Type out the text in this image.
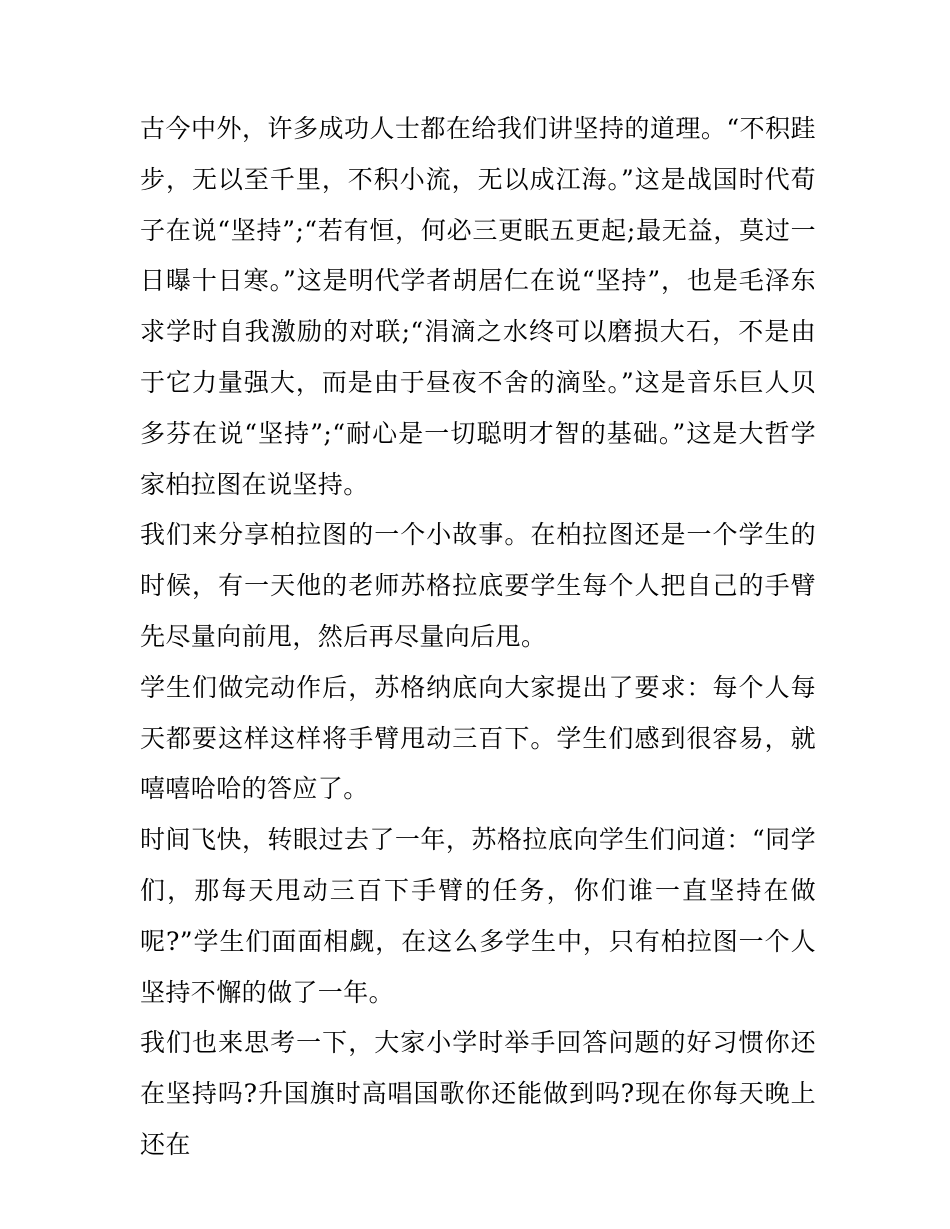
古今中外，许多成功人士都在给我们讲坚持的道理。“不积跬步，无以至千里，不积小流，无以成江海。”这是战国时代荀子在说“坚持”;“若有恒，何必三更眠五更起;最无益，莫过一日曝十日寒。”这是明代学者胡居仁在说“坚持”，也是毛泽东求学时自我激励的对联;“涓滴之水终可以磨损大石，不是由于它力量强大，而是由于昼夜不舍的滴坠。”这是音乐巨人贝多芬在说“坚持”;“耐心是一切聪明才智的基础。”这是大哲学家柏拉图在说坚持。

我们来分享柏拉图的一个小故事。在柏拉图还是一个学生的时候，有一天他的老师苏格拉底要学生每个人把自己的手臂先尽量向前甩，然后再尽量向后甩。

学生们做完动作后，苏格纳底向大家提出了要求：每个人每天都要这样这样将手臂甩动三百下。学生们感到很容易，就嘻嘻哈哈的答应了。

时间飞快，转眼过去了一年，苏格拉底向学生们问道：“同学们，那每天甩动三百下手臂的任务，你们谁一直坚持在做呢?”学生们面面相觑，在这么多学生中，只有柏拉图一个人坚持不懈的做了一年。

我们也来思考一下，大家小学时举手回答问题的好习惯你还在坚持吗?升国旗时高唱国歌你还能做到吗?现在你每天晚上还在
